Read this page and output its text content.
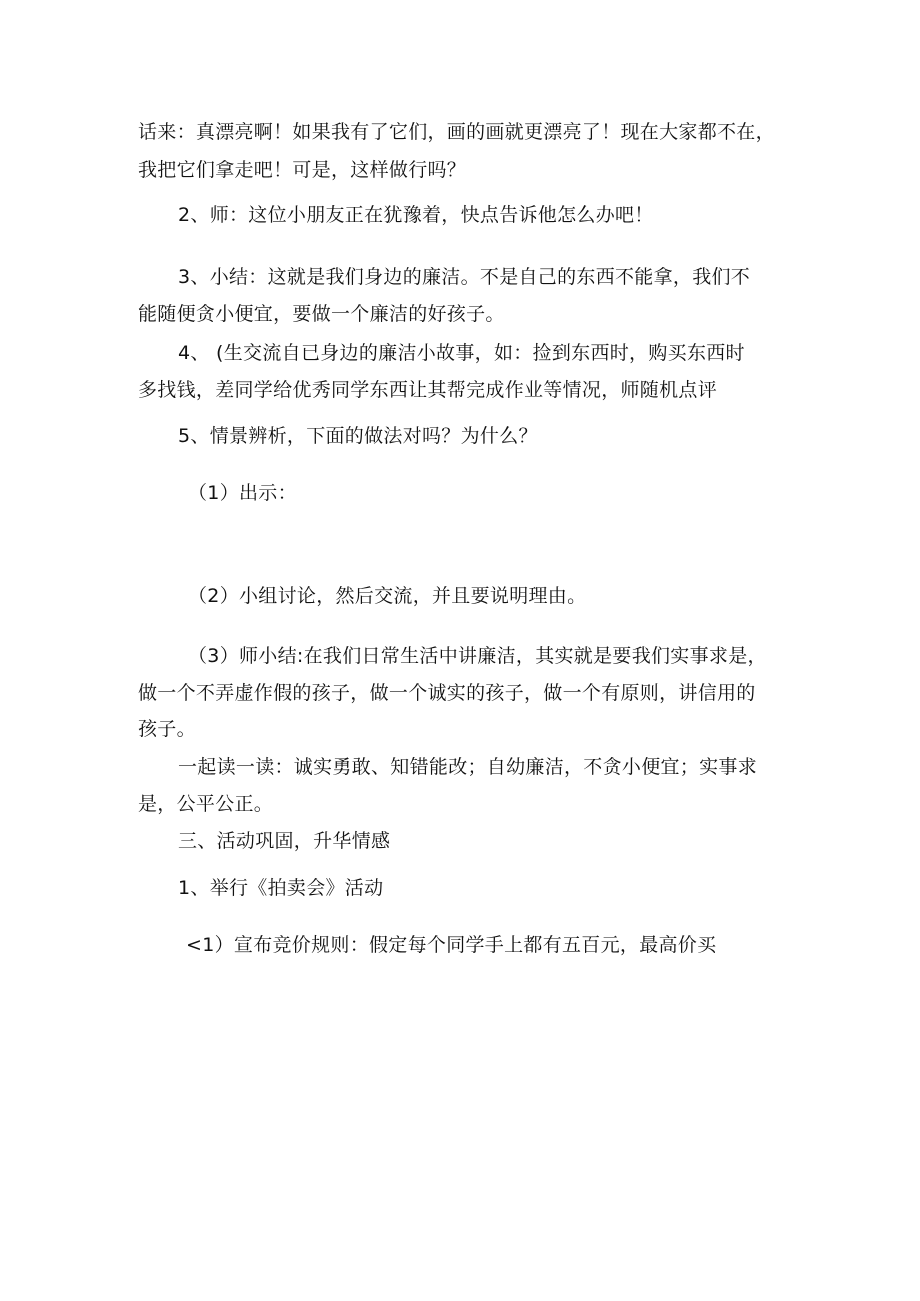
话来：真漂亮啊！如果我有了它们，画的画就更漂亮了！现在大家都不在，
我把它们拿走吧！可是，这样做行吗？
2、师：这位小朋友正在犹豫着，快点告诉他怎么办吧！
3、小结：这就是我们身边的廉洁。不是自己的东西不能拿，我们不
能随便贪小便宜，要做一个廉洁的好孩子。
4、 (生交流自已身边的廉洁小故事，如：捡到东西时，购买东西时
多找钱，差同学给优秀同学东西让其帮完成作业等情况，师随机点评
5、情景辨析，下面的做法对吗？为什么？
（1）出示：
（2）小组讨论，然后交流，并且要说明理由。
（3）师小结:在我们日常生活中讲廉洁，其实就是要我们实事求是，
做一个不弄虚作假的孩子，做一个诚实的孩子，做一个有原则，讲信用的
孩子。
一起读一读：诚实勇敢、知错能改；自幼廉洁，不贪小便宜；实事求
是，公平公正。
三、活动巩固，升华情感
1、举行《拍卖会》活动
<1）宣布竞价规则：假定每个同学手上都有五百元，最高价买
